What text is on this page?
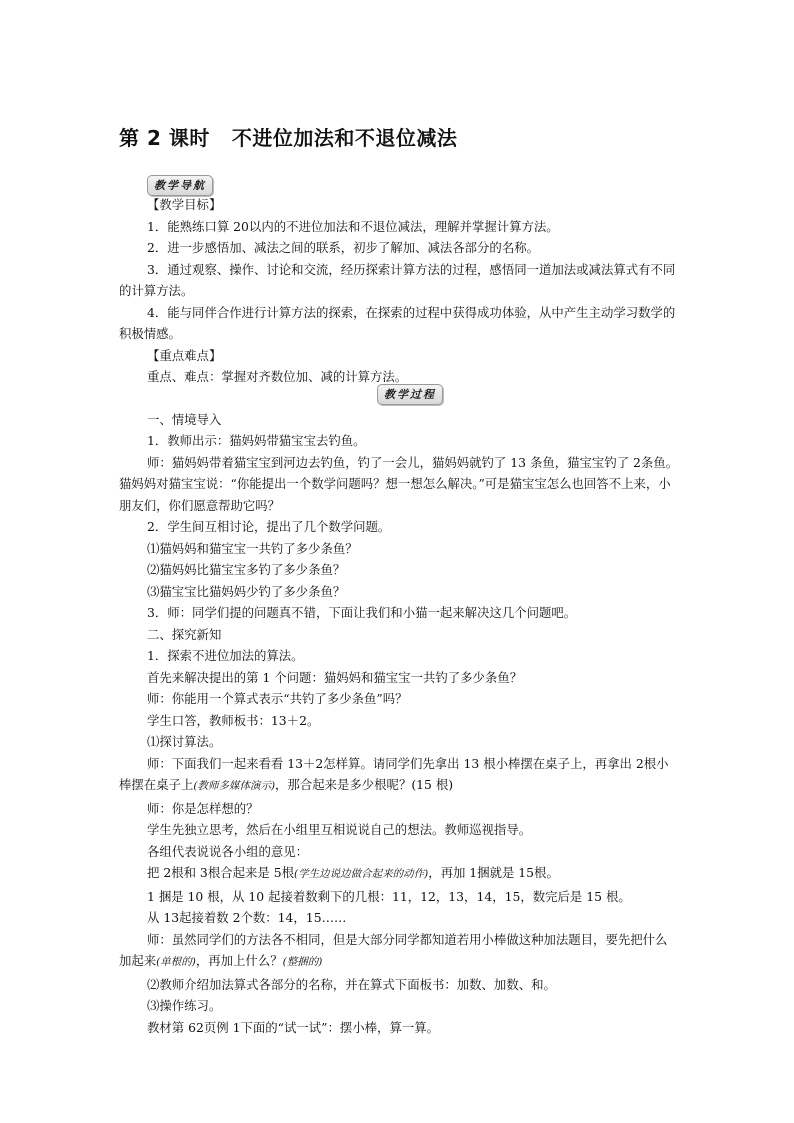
第 2 课时 不进位加法和不退位减法
教学导航
教学过程

【教学目标】

1．能熟练口算 20以内的不进位加法和不退位减法，理解并掌握计算方法。

2．进一步感悟加、减法之间的联系，初步了解加、减法各部分的名称。

3．通过观察、操作、讨论和交流，经历探索计算方法的过程，感悟同一道加法或减法算式有不同的计算方法。

4．能与同伴合作进行计算方法的探索，在探索的过程中获得成功体验，从中产生主动学习数学的积极情感。

【重点难点】

重点、难点：掌握对齐数位加、减的计算方法。

一、情境导入

1．教师出示：猫妈妈带猫宝宝去钓鱼。

师：猫妈妈带着猫宝宝到河边去钓鱼，钓了一会儿，猫妈妈就钓了 13 条鱼，猫宝宝钓了 2条鱼。猫妈妈对猫宝宝说：“你能提出一个数学问题吗？想一想怎么解决。”可是猫宝宝怎么也回答不上来，小朋友们，你们愿意帮助它吗？

2．学生间互相讨论，提出了几个数学问题。

⑴猫妈妈和猫宝宝一共钓了多少条鱼？

⑵猫妈妈比猫宝宝多钓了多少条鱼？

⑶猫宝宝比猫妈妈少钓了多少条鱼？

3．师：同学们提的问题真不错，下面让我们和小猫一起来解决这几个问题吧。

二、探究新知

1．探索不进位加法的算法。

首先来解决提出的第 1 个问题：猫妈妈和猫宝宝一共钓了多少条鱼？

师：你能用一个算式表示“共钓了多少条鱼”吗？

学生口答，教师板书：13＋2。

⑴探讨算法。

师：下面我们一起来看看 13＋2怎样算。请同学们先拿出 13 根小棒摆在桌子上，再拿出 2根小棒摆在桌子上(教师多媒体演示)，那合起来是多少根呢？(15 根)

师：你是怎样想的？

学生先独立思考，然后在小组里互相说说自己的想法。教师巡视指导。

各组代表说说各小组的意见：

把 2根和 3根合起来是 5根(学生边说边做合起来的动作)，再加 1捆就是 15根。

1 捆是 10 根，从 10 起接着数剩下的几根：11，12，13，14，15，数完后是 15 根。

从 13起接着数 2个数：14，15……

师：虽然同学们的方法各不相同，但是大部分同学都知道若用小棒做这种加法题目，要先把什么加起来(单根的)，再加上什么？(整捆的)

⑵教师介绍加法算式各部分的名称，并在算式下面板书：加数、加数、和。

⑶操作练习。

教材第 62页例 1下面的“试一试”：摆小棒，算一算。
